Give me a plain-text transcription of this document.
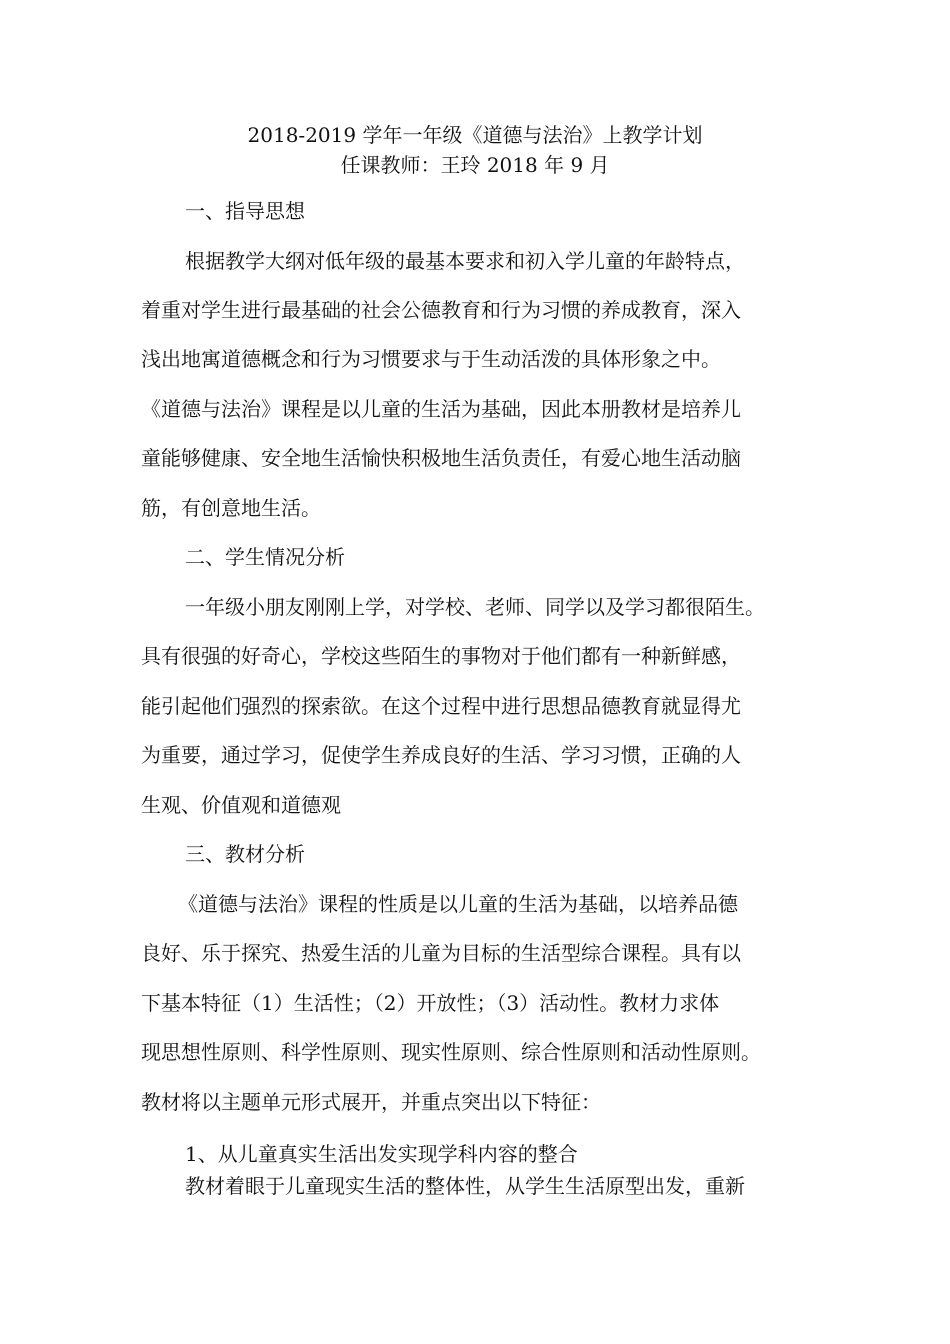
2018-2019 学年一年级《道德与法治》上教学计划
任课教师：王玲 2018 年 9 月
一、指导思想
根据教学大纲对低年级的最基本要求和初入学儿童的年龄特点，
着重对学生进行最基础的社会公德教育和行为习惯的养成教育，深入
浅出地寓道德概念和行为习惯要求与于生动活泼的具体形象之中。
《道德与法治》课程是以儿童的生活为基础，因此本册教材是培养儿
童能够健康、安全地生活愉快积极地生活负责任，有爱心地生活动脑
筋，有创意地生活。
二、学生情况分析
一年级小朋友刚刚上学，对学校、老师、同学以及学习都很陌生。
具有很强的好奇心，学校这些陌生的事物对于他们都有一种新鲜感，
能引起他们强烈的探索欲。在这个过程中进行思想品德教育就显得尤
为重要，通过学习，促使学生养成良好的生活、学习习惯，正确的人
生观、价值观和道德观
三、教材分析
《道德与法治》课程的性质是以儿童的生活为基础，以培养品德
良好、乐于探究、热爱生活的儿童为目标的生活型综合课程。具有以
下基本特征（1）生活性；（2）开放性；（3）活动性。教材力求体
现思想性原则、科学性原则、现实性原则、综合性原则和活动性原则。
教材将以主题单元形式展开，并重点突出以下特征：
1、从儿童真实生活出发实现学科内容的整合
教材着眼于儿童现实生活的整体性，从学生生活原型出发，重新
